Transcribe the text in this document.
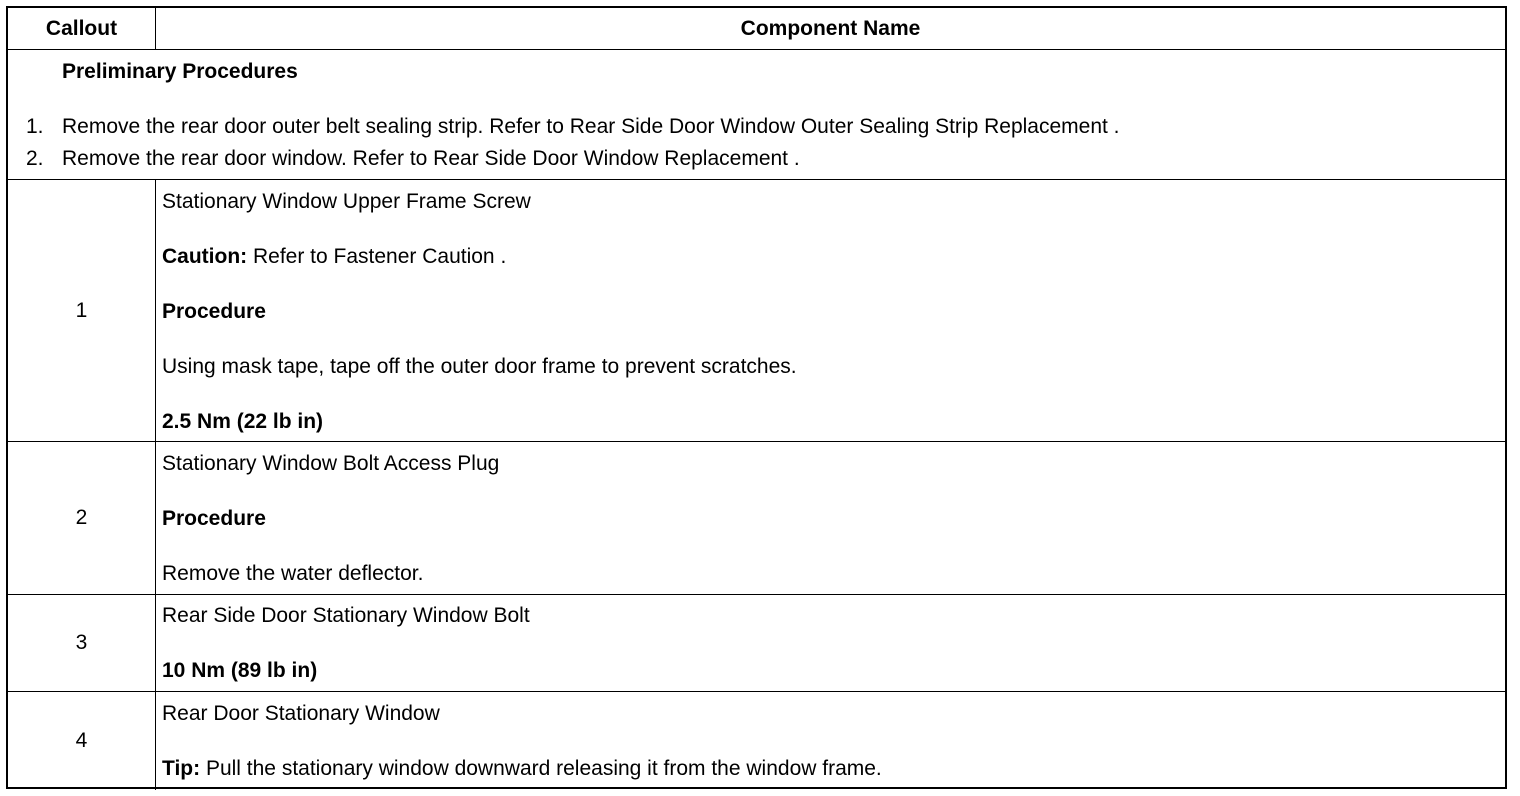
Callout	Component Name
Preliminary Procedures
1. Remove the rear door outer belt sealing strip. Refer to Rear Side Door Window Outer Sealing Strip Replacement .
2. Remove the rear door window. Refer to Rear Side Door Window Replacement .
1
Stationary Window Upper Frame Screw
Caution: Refer to Fastener Caution .
Procedure
Using mask tape, tape off the outer door frame to prevent scratches.
2.5 Nm (22 lb in)
2
Stationary Window Bolt Access Plug
Procedure
Remove the water deflector.
3
Rear Side Door Stationary Window Bolt
10 Nm (89 lb in)
4
Rear Door Stationary Window
Tip: Pull the stationary window downward releasing it from the window frame.
